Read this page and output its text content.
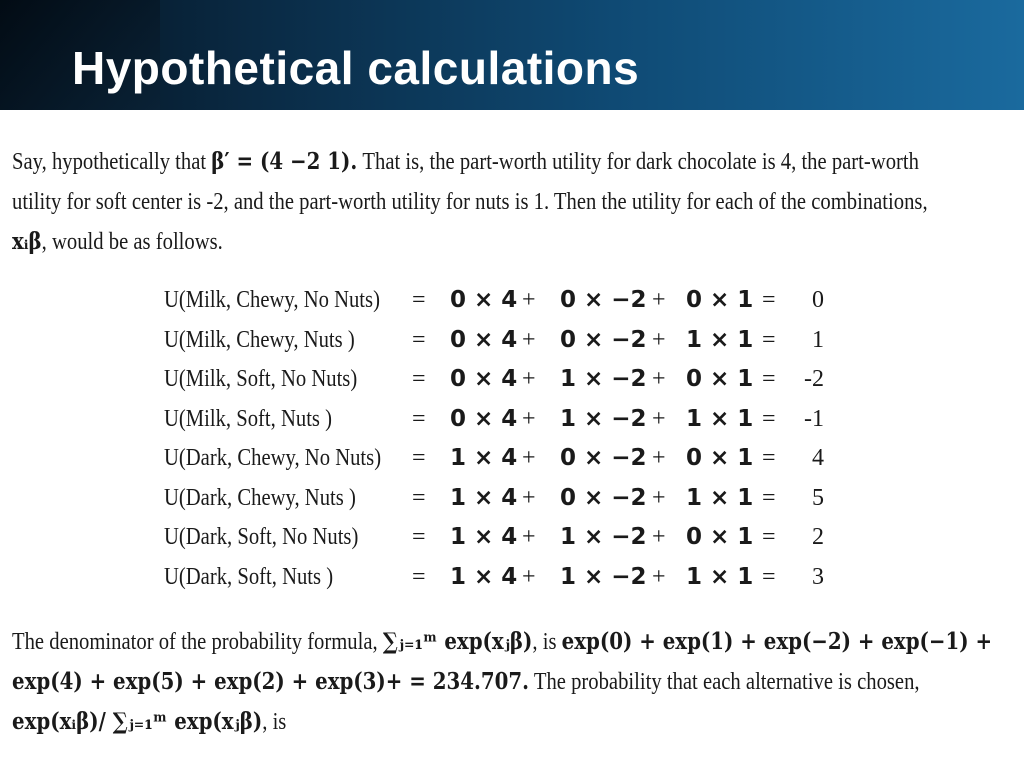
Hypothetical calculations
Say, hypothetically that β′ = (4 −2 1). That is, the part-worth utility for dark chocolate is 4, the part-worth
utility for soft center is -2, and the part-worth utility for nuts is 1. Then the utility for each of the combinations,
xᵢβ, would be as follows.
U(Milk, Chewy, No Nuts) = 0 × 4 + 0 × −2 + 0 × 1 =	0
U(Milk, Chewy, Nuts ) = 0 × 4 + 0 × −2 + 1 × 1 =	1
U(Milk, Soft, No Nuts) = 0 × 4 + 1 × −2 + 0 × 1 = -2
U(Milk, Soft, Nuts )	= 0 × 4 + 1 × −2 + 1 × 1 = -1
U(Dark, Chewy, No Nuts) = 1 × 4 + 0 × −2 + 0 × 1 =	4
U(Dark, Chewy, Nuts ) = 1 × 4 + 0 × −2 + 1 × 1 =	5
U(Dark, Soft, No Nuts) = 1 × 4 + 1 × −2 + 0 × 1 =	2
U(Dark, Soft, Nuts )	= 1 × 4 + 1 × −2 + 1 × 1 =	3
The denominator of the probability formula, ∑ⱼ₌₁ᵐ exp(xⱼβ), is exp(0) + exp(1) + exp(−2) + exp(−1) +
exp(4) + exp(5) + exp(2) + exp(3)+ = 234.707. The probability that each alternative is chosen,
exp(xᵢβ)/ ∑ⱼ₌₁ᵐ exp(xⱼβ), is
